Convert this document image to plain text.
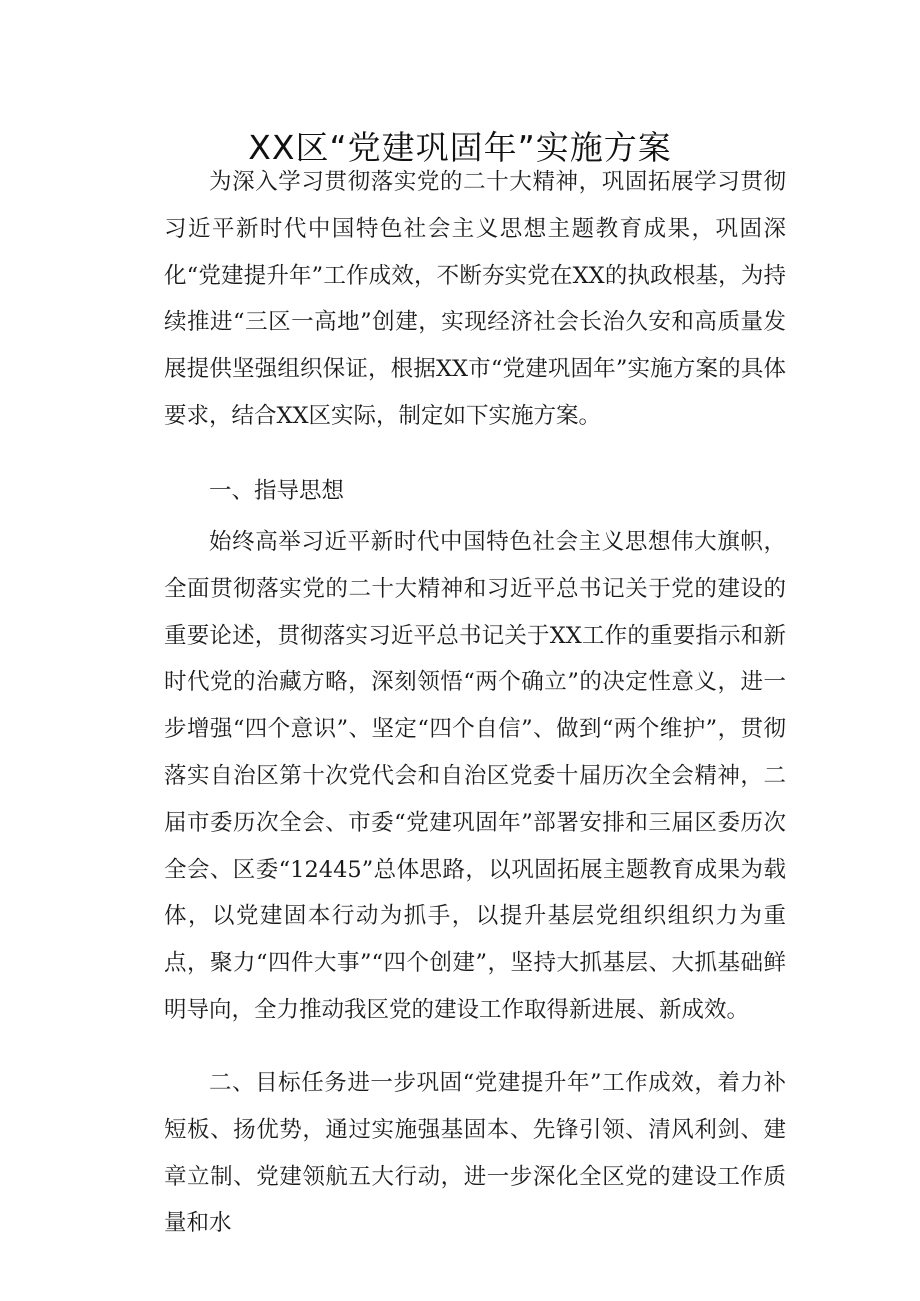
XX区“党建巩固年”实施方案

为深入学习贯彻落实党的二十大精神，巩固拓展学习贯彻习近平新时代中国特色社会主义思想主题教育成果，巩固深化“党建提升年”工作成效，不断夯实党在XX的执政根基，为持续推进“三区一高地”创建，实现经济社会长治久安和高质量发展提供坚强组织保证，根据XX市“党建巩固年”实施方案的具体要求，结合XX区实际，制定如下实施方案。

一、指导思想

始终高举习近平新时代中国特色社会主义思想伟大旗帜，全面贯彻落实党的二十大精神和习近平总书记关于党的建设的重要论述，贯彻落实习近平总书记关于XX工作的重要指示和新时代党的治藏方略，深刻领悟“两个确立”的决定性意义，进一步增强“四个意识”、坚定“四个自信”、做到“两个维护”，贯彻落实自治区第十次党代会和自治区党委十届历次全会精神，二届市委历次全会、市委“党建巩固年”部署安排和三届区委历次全会、区委“12445”总体思路，以巩固拓展主题教育成果为载体，以党建固本行动为抓手，以提升基层党组织组织力为重点，聚力“四件大事”“四个创建”，坚持大抓基层、大抓基础鲜明导向，全力推动我区党的建设工作取得新进展、新成效。

二、目标任务进一步巩固“党建提升年”工作成效，着力补短板、扬优势，通过实施强基固本、先锋引领、清风利剑、建章立制、党建领航五大行动，进一步深化全区党的建设工作质量和水
